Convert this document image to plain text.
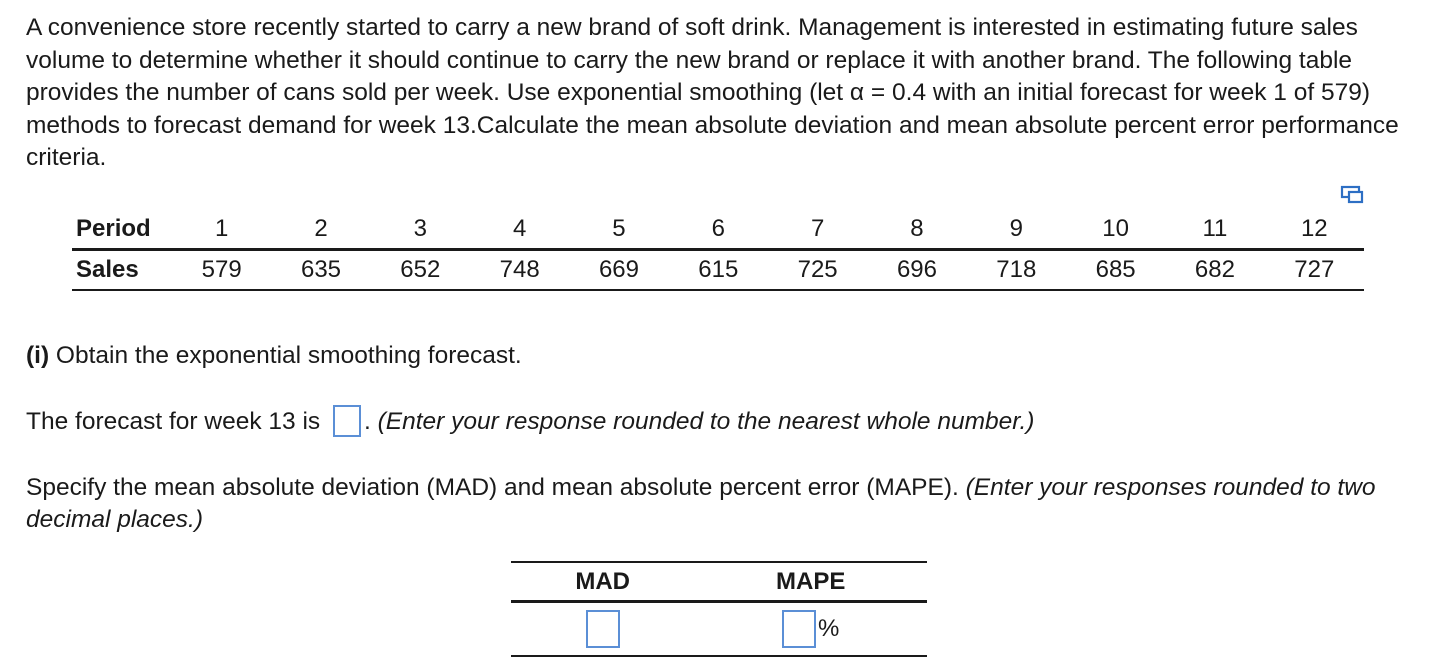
A convenience store recently started to carry a new brand of soft drink. Management is interested in estimating future sales volume to determine whether it should continue to carry the new brand or replace it with another brand. The following table provides the number of cans sold per week. Use exponential smoothing (let α = 0.4 with an initial forecast for week 1 of 579) methods to forecast demand for week 13.Calculate the mean absolute deviation and mean absolute percent error performance criteria.

Period	1	2	3	4	5	6	7	8	9	10	11	12
Sales	579	635	652	748	669	615	725	696	718	685	682	727

(i) Obtain the exponential smoothing forecast.

The forecast for week 13 is . (Enter your response rounded to the nearest whole number.)

Specify the mean absolute deviation (MAD) and mean absolute percent error (MAPE). (Enter your responses rounded to two decimal places.)

MAD	MAPE
	%
